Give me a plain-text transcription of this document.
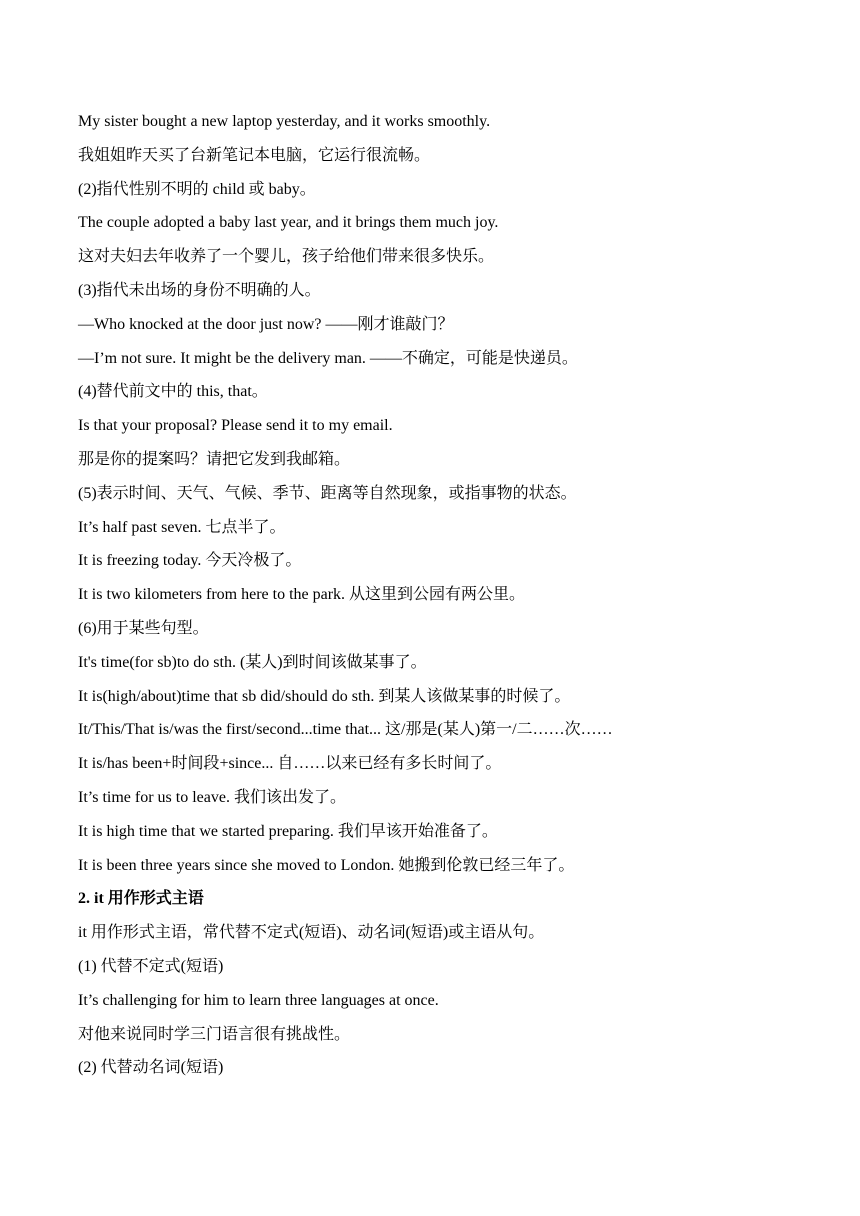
My sister bought a new laptop yesterday, and it works smoothly.
我姐姐昨天买了台新笔记本电脑，它运行很流畅。
(2)指代性别不明的 child 或 baby。
The couple adopted a baby last year, and it brings them much joy.
这对夫妇去年收养了一个婴儿，孩子给他们带来很多快乐。
(3)指代未出场的身份不明确的人。
—Who knocked at the door just now? ——刚才谁敲门？
—I’m not sure. It might be the delivery man. ——不确定，可能是快递员。
(4)替代前文中的 this, that。
Is that your proposal? Please send it to my email.
那是你的提案吗？请把它发到我邮箱。
(5)表示时间、天气、气候、季节、距离等自然现象，或指事物的状态。
It’s half past seven. 七点半了。
It is freezing today. 今天冷极了。
It is two kilometers from here to the park. 从这里到公园有两公里。
(6)用于某些句型。
It's time(for sb)to do sth. (某人)到时间该做某事了。
It is(high/about)time that sb did/should do sth. 到某人该做某事的时候了。
It/This/That is/was the first/second...time that... 这/那是(某人)第一/二……次……
It is/has been+时间段+since... 自……以来已经有多长时间了。
It’s time for us to leave. 我们该出发了。
It is high time that we started preparing. 我们早该开始准备了。
It is been three years since she moved to London. 她搬到伦敦已经三年了。
2. it 用作形式主语
it 用作形式主语，常代替不定式(短语)、动名词(短语)或主语从句。
(1) 代替不定式(短语)
It’s challenging for him to learn three languages at once.
对他来说同时学三门语言很有挑战性。
(2) 代替动名词(短语)
